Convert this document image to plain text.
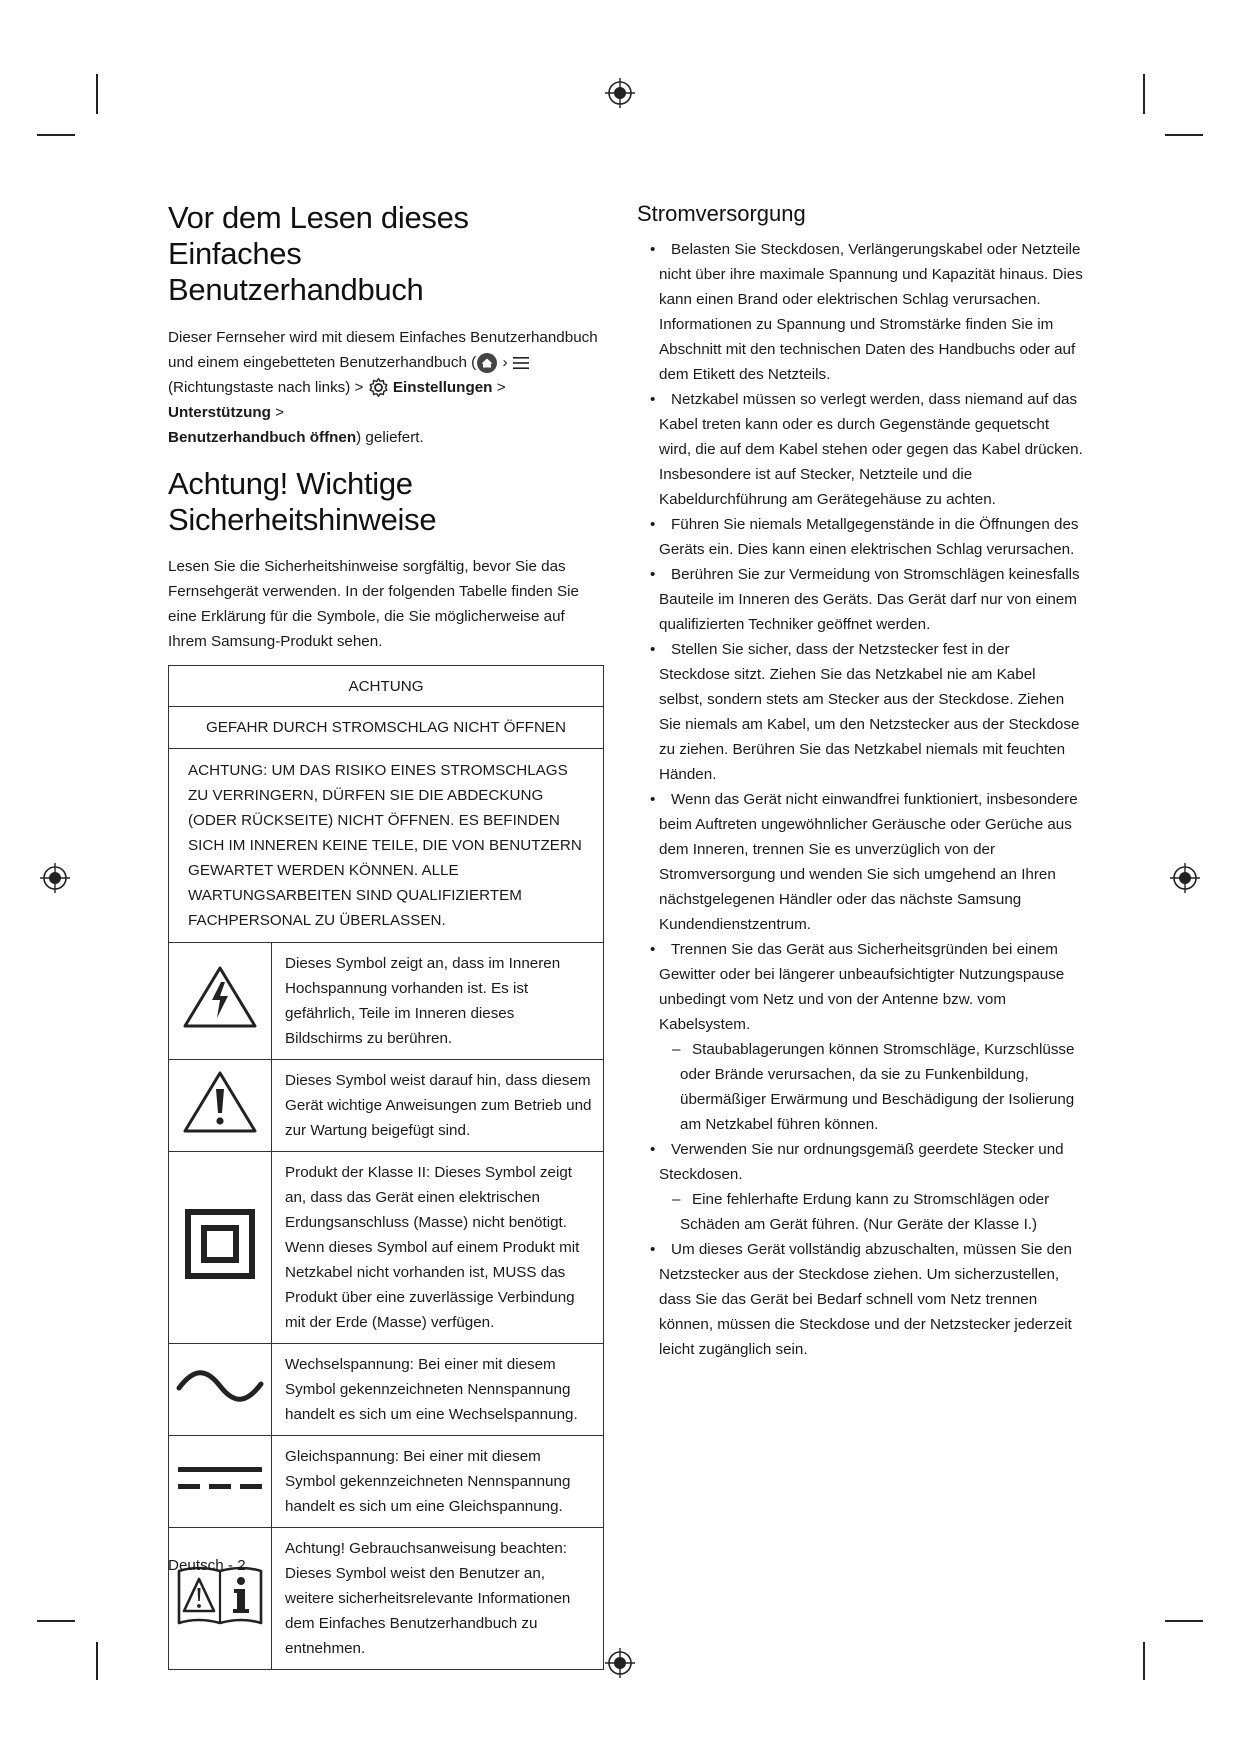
Vor dem Lesen dieses Einfaches
Benutzerhandbuch

Dieser Fernseher wird mit diesem Einfaches Benutzerhandbuch und einem eingebetteten Benutzerhandbuch ( ›
(Richtungstaste nach links) > Einstellungen > Unterstützung >
Benutzerhandbuch öffnen) geliefert.

Achtung! Wichtige
Sicherheitshinweise

Lesen Sie die Sicherheitshinweise sorgfältig, bevor Sie das Fernsehgerät verwenden. In der folgenden Tabelle finden Sie eine Erklärung für die Symbole, die Sie möglicherweise auf Ihrem Samsung-Produkt sehen.

ACHTUNG	
GEFAHR DURCH STROMSCHLAG NICHT ÖFFNEN	
ACHTUNG: UM DAS RISIKO EINES STROMSCHLAGS ZU VERRINGERN, DÜRFEN SIE DIE ABDECKUNG (ODER RÜCKSEITE) NICHT ÖFFNEN. ES BEFINDEN SICH IM INNEREN KEINE TEILE, DIE VON BENUTZERN GEWARTET WERDEN KÖNNEN. ALLE WARTUNGSARBEITEN SIND QUALIFIZIERTEM FACHPERSONAL ZU ÜBERLASSEN.	
	Dieses Symbol zeigt an, dass im Inneren Hochspannung vorhanden ist. Es ist gefährlich, Teile im Inneren dieses Bildschirms zu berühren.
	Dieses Symbol weist darauf hin, dass diesem Gerät wichtige Anweisungen zum Betrieb und zur Wartung beigefügt sind.
	Produkt der Klasse II: Dieses Symbol zeigt an, dass das Gerät einen elektrischen Erdungsanschluss (Masse) nicht benötigt. Wenn dieses Symbol auf einem Produkt mit Netzkabel nicht vorhanden ist, MUSS das Produkt über eine zuverlässige Verbindung mit der Erde (Masse) verfügen.
	Wechselspannung: Bei einer mit diesem Symbol gekennzeichneten Nennspannung handelt es sich um eine Wechselspannung.
	Gleichspannung: Bei einer mit diesem Symbol gekennzeichneten Nennspannung handelt es sich um eine Gleichspannung.
	Achtung! Gebrauchsanweisung beachten: Dieses Symbol weist den Benutzer an, weitere sicherheitsrelevante Informationen dem Einfaches Benutzerhandbuch zu entnehmen.
Stromversorgung
•	Belasten Sie Steckdosen, Verlängerungskabel oder Netzteile nicht über ihre maximale Spannung und Kapazität hinaus. Dies kann einen Brand oder elektrischen Schlag verursachen. Informationen zu Spannung und Stromstärke finden Sie im Abschnitt mit den technischen Daten des Handbuchs oder auf dem Etikett des Netzteils.
•	Netzkabel müssen so verlegt werden, dass niemand auf das Kabel treten kann oder es durch Gegenstände gequetscht wird, die auf dem Kabel stehen oder gegen das Kabel drücken. Insbesondere ist auf Stecker, Netzteile und die Kabeldurchführung am Gerätegehäuse zu achten.
•	Führen Sie niemals Metallgegenstände in die Öffnungen des Geräts ein. Dies kann einen elektrischen Schlag verursachen.
•	Berühren Sie zur Vermeidung von Stromschlägen keinesfalls Bauteile im Inneren des Geräts. Das Gerät darf nur von einem qualifizierten Techniker geöffnet werden.
•	Stellen Sie sicher, dass der Netzstecker fest in der Steckdose sitzt. Ziehen Sie das Netzkabel nie am Kabel selbst, sondern stets am Stecker aus der Steckdose. Ziehen Sie niemals am Kabel, um den Netzstecker aus der Steckdose zu ziehen. Berühren Sie das Netzkabel niemals mit feuchten Händen.
•	Wenn das Gerät nicht einwandfrei funktioniert, insbesondere beim Auftreten ungewöhnlicher Geräusche oder Gerüche aus dem Inneren, trennen Sie es unverzüglich von der Stromversorgung und wenden Sie sich umgehend an Ihren nächstgelegenen Händler oder das nächste Samsung Kundendienstzentrum.
•	Trennen Sie das Gerät aus Sicherheitsgründen bei einem Gewitter oder bei längerer unbeaufsichtigter Nutzungspause unbedingt vom Netz und von der Antenne bzw. vom Kabelsystem.
– Staubablagerungen können Stromschläge, Kurzschlüsse oder Brände verursachen, da sie zu Funkenbildung, übermäßiger Erwärmung und Beschädigung der Isolierung am Netzkabel führen können.
•	Verwenden Sie nur ordnungsgemäß geerdete Stecker und Steckdosen.
– Eine fehlerhafte Erdung kann zu Stromschlägen oder Schäden am Gerät führen. (Nur Geräte der Klasse I.)
•	Um dieses Gerät vollständig abzuschalten, müssen Sie den Netzstecker aus der Steckdose ziehen. Um sicherzustellen, dass Sie das Gerät bei Bedarf schnell vom Netz trennen können, müssen die Steckdose und der Netzstecker jederzeit leicht zugänglich sein.
Deutsch - 2
